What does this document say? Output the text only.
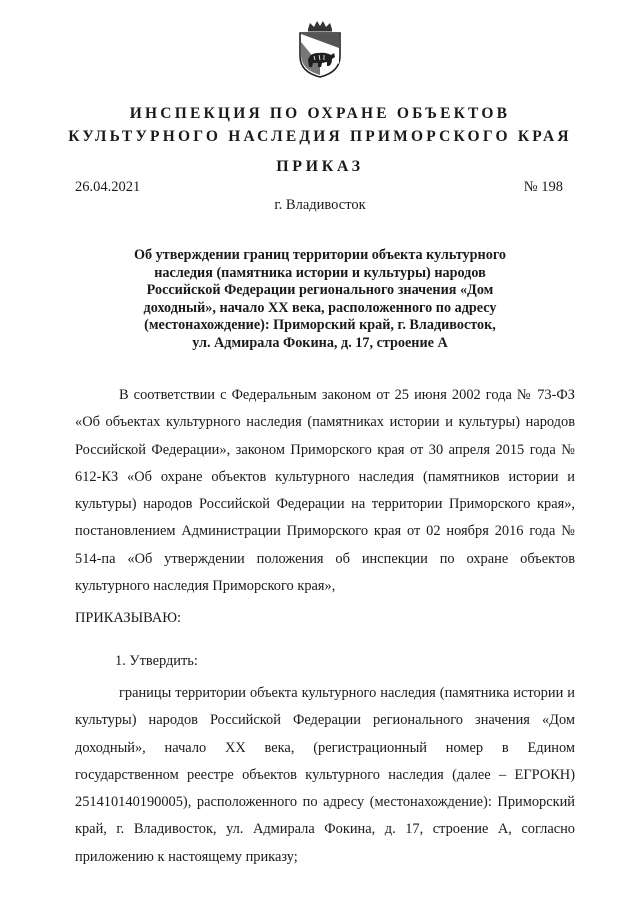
ИНСПЕКЦИЯ ПО ОХРАНЕ ОБЪЕКТОВ
КУЛЬТУРНОГО НАСЛЕДИЯ ПРИМОРСКОГО КРАЯ
ПРИКАЗ
26.04.2021	№ 198
г. Владивосток
Об утверждении границ территории объекта культурного
наследия (памятника истории и культуры) народов
Российской Федерации регионального значения «Дом
доходный», начало XX века, расположенного по адресу
(местонахождение): Приморский край, г. Владивосток,
ул. Адмирала Фокина, д. 17, строение А

В соответствии с Федеральным законом от 25 июня 2002 года № 73-ФЗ «Об объектах культурного наследия (памятниках истории и культуры) народов Российской Федерации», законом Приморского края от 30 апреля 2015 года № 612-КЗ «Об охране объектов культурного наследия (памятников истории и культуры) народов Российской Федерации на территории Приморского края», постановлением Администрации Приморского края от 02 ноября 2016 года № 514-па «Об утверждении положения об инспекции по охране объектов культурного наследия Приморского края»,

ПРИКАЗЫВАЮ:

1. Утвердить:

границы территории объекта культурного наследия (памятника истории и культуры) народов Российской Федерации регионального значения «Дом доходный», начало XX века, (регистрационный номер в Едином государственном реестре объектов культурного наследия (далее – ЕГРОКН) 251410140190005), расположенного по адресу (местонахождение): Приморский край, г. Владивосток, ул. Адмирала Фокина, д. 17, строение А, согласно приложению к настоящему приказу;
